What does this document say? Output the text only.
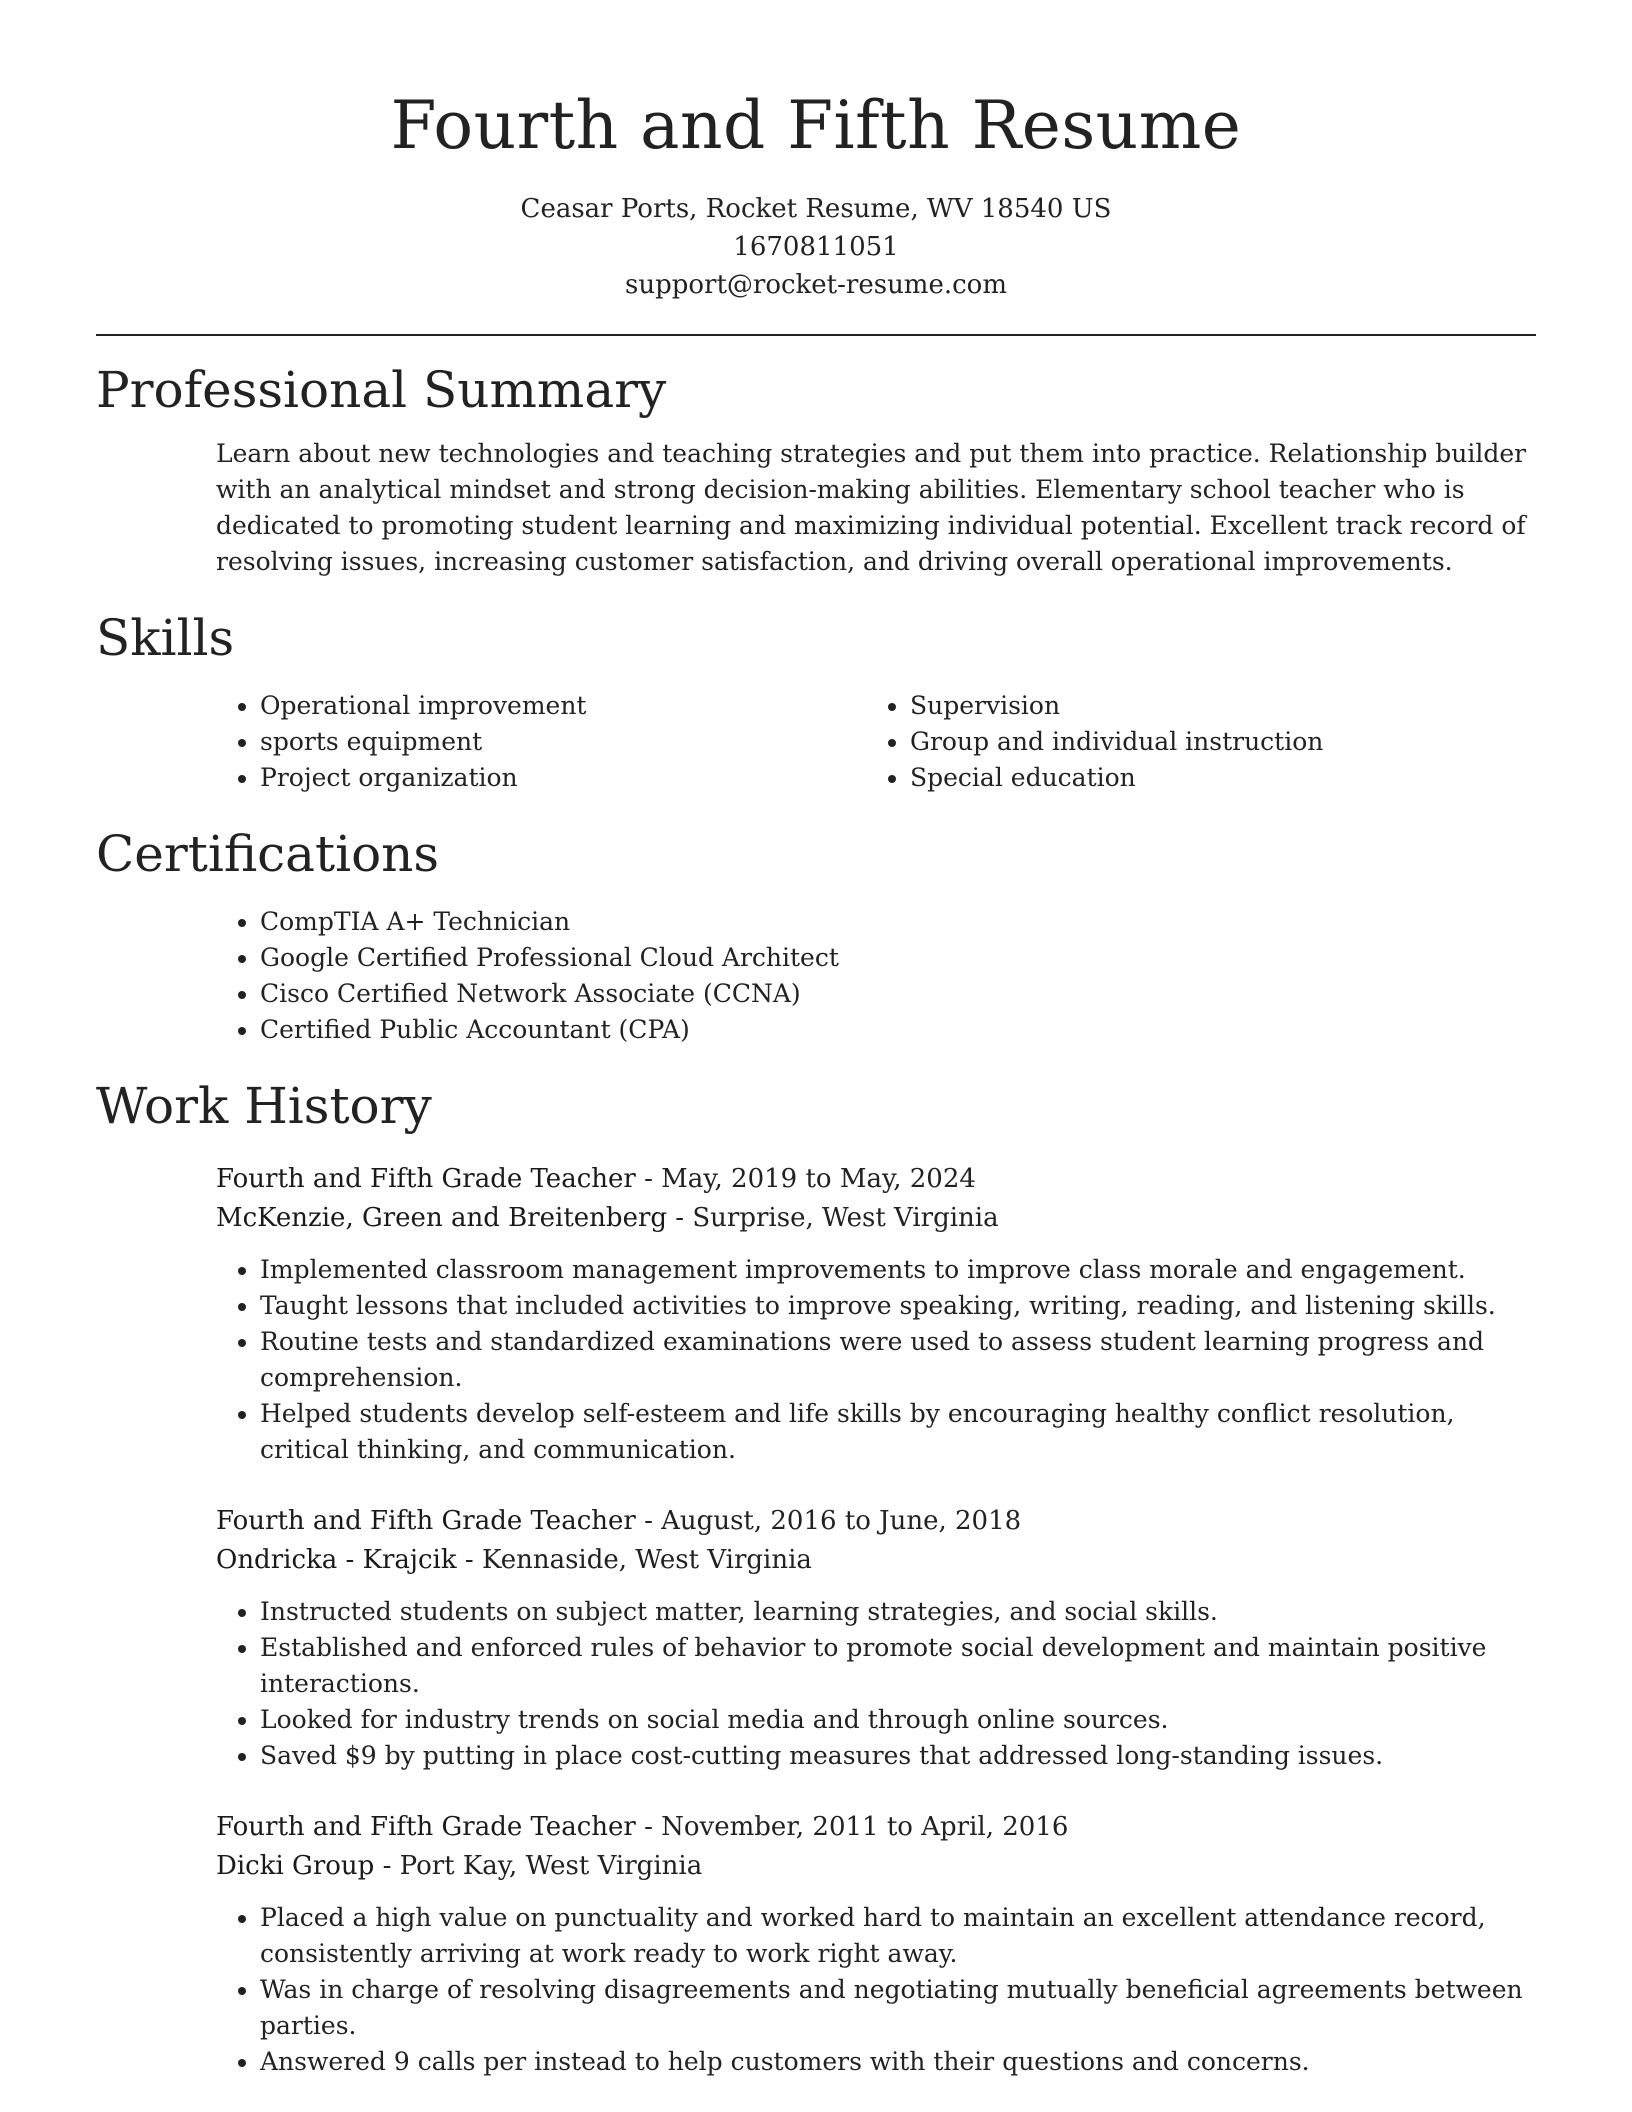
Fourth and Fifth Resume
Ceasar Ports, Rocket Resume, WV 18540 US
1670811051
support@rocket-resume.com
Professional Summary

Learn about new technologies and teaching strategies and put them into practice. Relationship builder with an analytical mindset and strong decision-making abilities. Elementary school teacher who is dedicated to promoting student learning and maximizing individual potential. Excellent track record of resolving issues, increasing customer satisfaction, and driving overall operational improvements.

Skills
• Operational improvement
• sports equipment
• Project organization
• Supervision
• Group and individual instruction
• Special education
Certifications
• CompTIA A+ Technician
• Google Certified Professional Cloud Architect
• Cisco Certified Network Associate (CCNA)
• Certified Public Accountant (CPA)
Work History
Fourth and Fifth Grade Teacher - May, 2019 to May, 2024
McKenzie, Green and Breitenberg - Surprise, West Virginia
• Implemented classroom management improvements to improve class morale and engagement.
• Taught lessons that included activities to improve speaking, writing, reading, and listening skills.
• Routine tests and standardized examinations were used to assess student learning progress and comprehension.
• Helped students develop self-esteem and life skills by encouraging healthy conflict resolution, critical thinking, and communication.
Fourth and Fifth Grade Teacher - August, 2016 to June, 2018
Ondricka - Krajcik - Kennaside, West Virginia
• Instructed students on subject matter, learning strategies, and social skills.
• Established and enforced rules of behavior to promote social development and maintain positive interactions.
• Looked for industry trends on social media and through online sources.
• Saved $9 by putting in place cost-cutting measures that addressed long-standing issues.
Fourth and Fifth Grade Teacher - November, 2011 to April, 2016
Dicki Group - Port Kay, West Virginia
• Placed a high value on punctuality and worked hard to maintain an excellent attendance record, consistently arriving at work ready to work right away.
• Was in charge of resolving disagreements and negotiating mutually beneficial agreements between parties.
• Answered 9 calls per instead to help customers with their questions and concerns.
